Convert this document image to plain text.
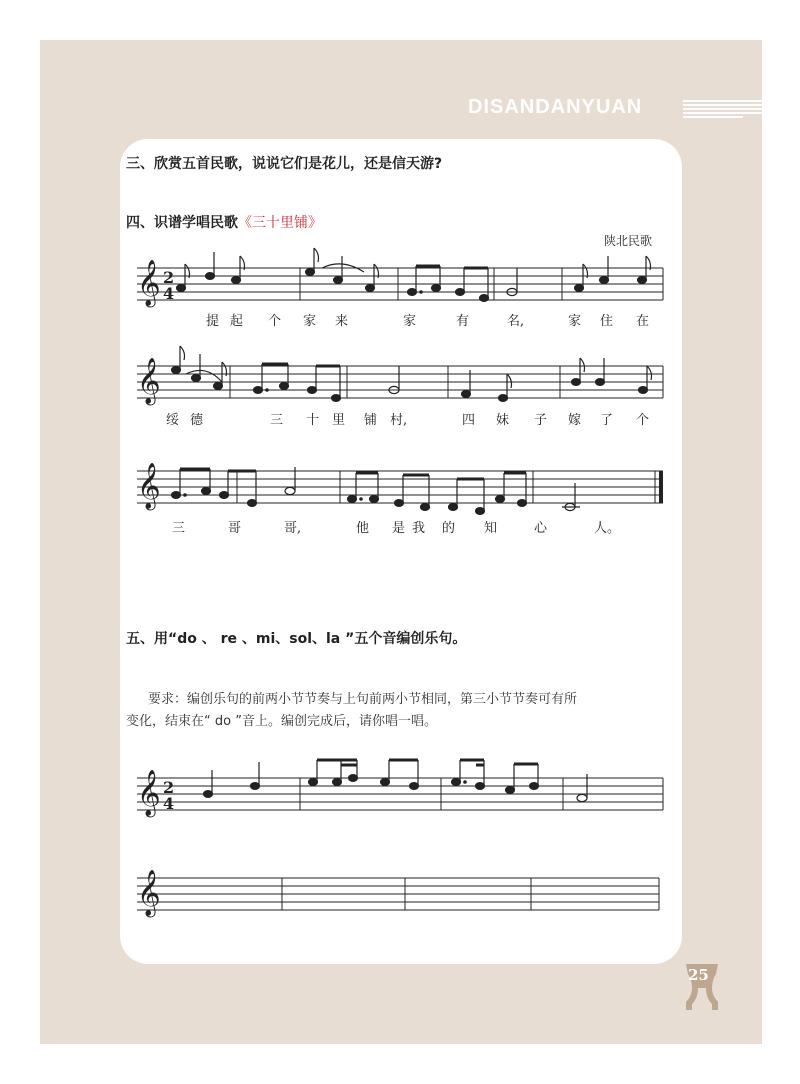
DISANDANYUAN
三、欣赏五首民歌，说说它们是花儿，还是信天游?
四、识谱学唱民歌《三十里铺》
陕北民歌
𝄞
𝄞
𝄞
2
4
提 起 个 家 来	家	有	名,	家 住 在
绥 德	三 十 里 铺 村,	四 妹 子 嫁 了 个
三	哥	哥,	他 是 我 的 知	心	人。
𝄞 2
4
𝄞
五、用“do 、 re 、mi、sol、la ”五个音编创乐句。
要求：编创乐句的前两小节节奏与上句前两小节相同，第三小节节奏可有所
变化，结束在“ do ”音上。编创完成后，请你唱一唱。
25
